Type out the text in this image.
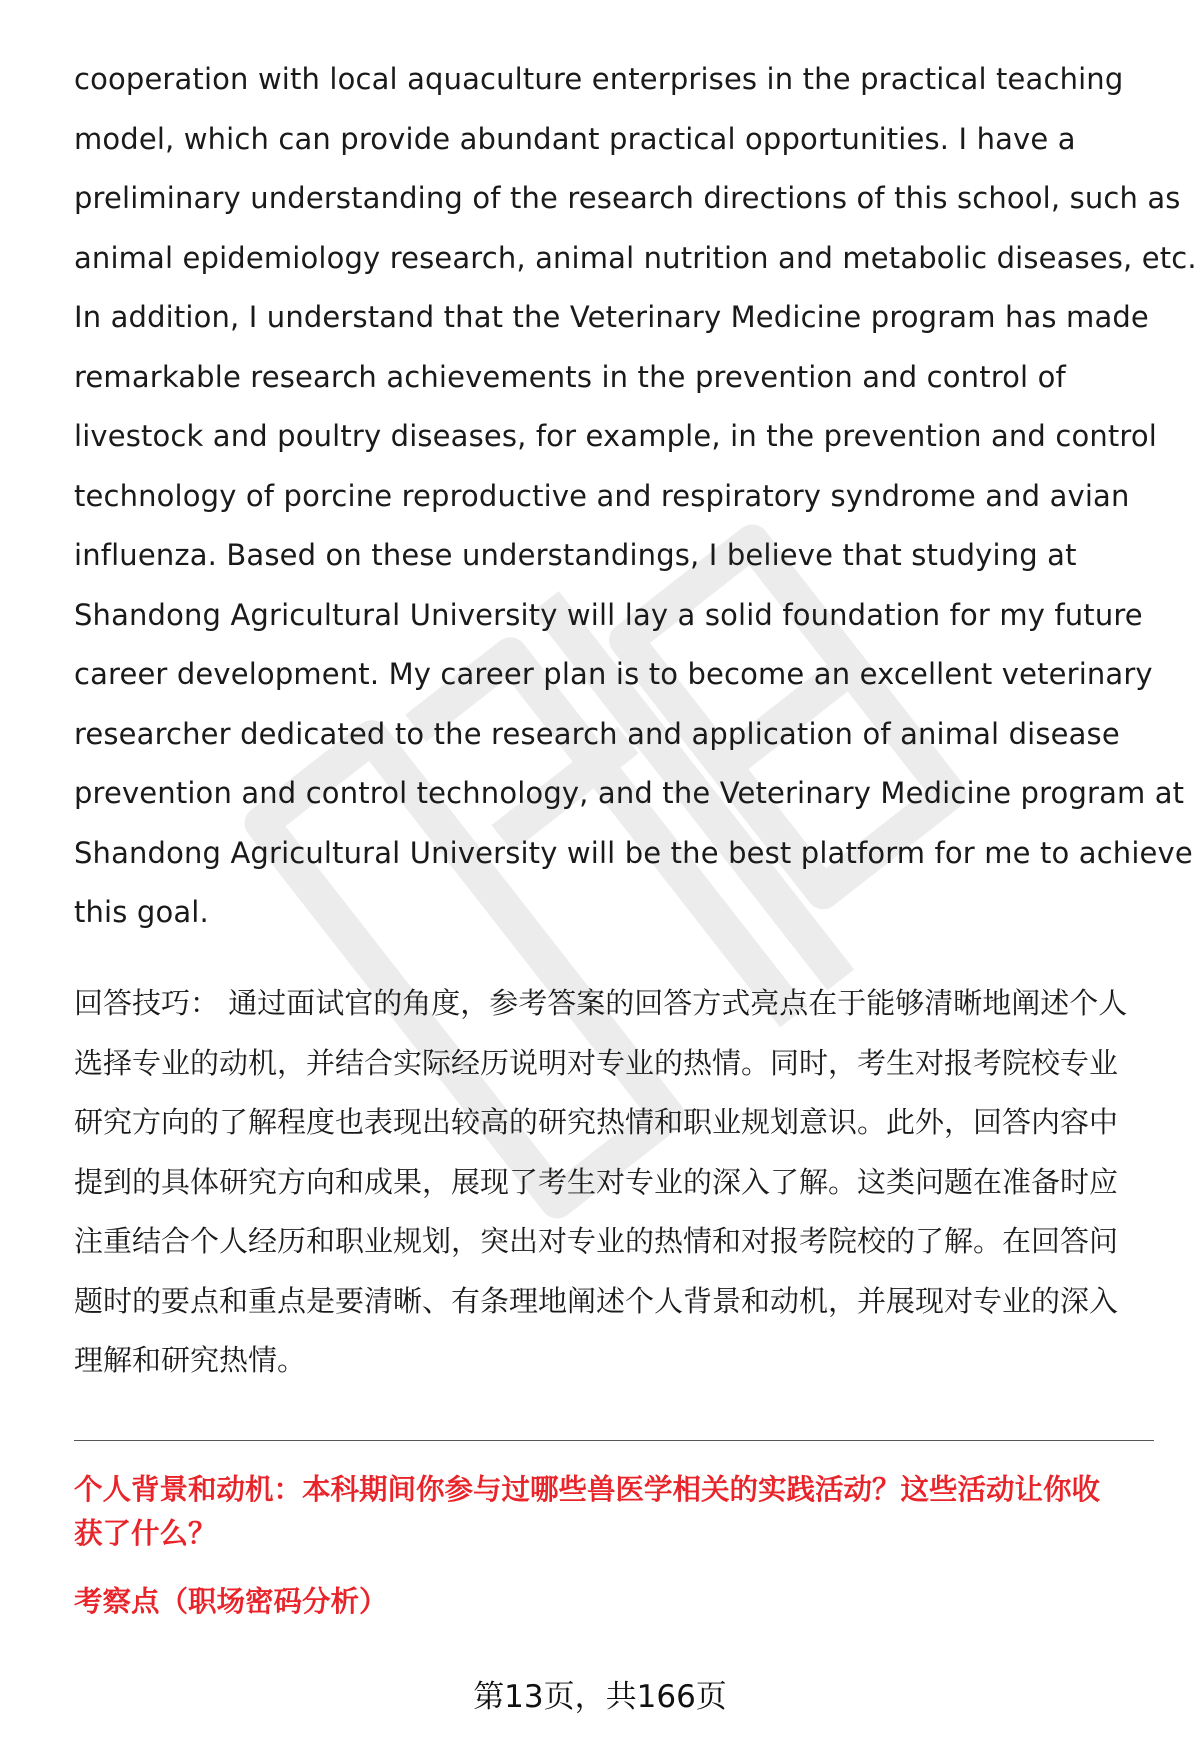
cooperation with local aquaculture enterprises in the practical teaching
model, which can provide abundant practical opportunities. I have a
preliminary understanding of the research directions of this school, such as
animal epidemiology research, animal nutrition and metabolic diseases, etc.
In addition, I understand that the Veterinary Medicine program has made
remarkable research achievements in the prevention and control of
livestock and poultry diseases, for example, in the prevention and control
technology of porcine reproductive and respiratory syndrome and avian
influenza. Based on these understandings, I believe that studying at
Shandong Agricultural University will lay a solid foundation for my future
career development. My career plan is to become an excellent veterinary
researcher dedicated to the research and application of animal disease
prevention and control technology, and the Veterinary Medicine program at
Shandong Agricultural University will be the best platform for me to achieve
this goal.
回答技巧： 通过面试官的角度，参考答案的回答方式亮点在于能够清晰地阐述个人
选择专业的动机，并结合实际经历说明对专业的热情。同时，考生对报考院校专业
研究方向的了解程度也表现出较高的研究热情和职业规划意识。此外，回答内容中
提到的具体研究方向和成果，展现了考生对专业的深入了解。这类问题在准备时应
注重结合个人经历和职业规划，突出对专业的热情和对报考院校的了解。在回答问
题时的要点和重点是要清晰、有条理地阐述个人背景和动机，并展现对专业的深入
理解和研究热情。
个人背景和动机：本科期间你参与过哪些兽医学相关的实践活动？这些活动让你收
获了什么？
考察点（职场密码分析）
第13页，共166页
